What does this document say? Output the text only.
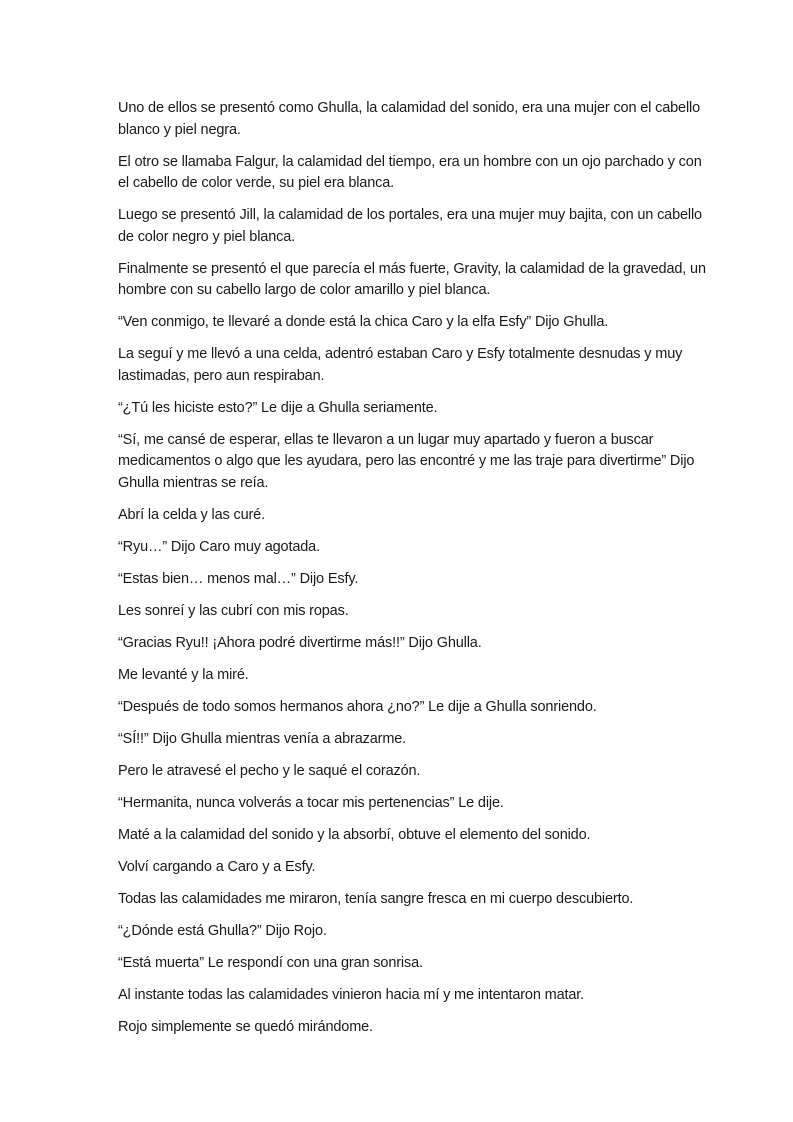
Uno de ellos se presentó como Ghulla, la calamidad del sonido, era una mujer con el cabello blanco y piel negra.

El otro se llamaba Falgur, la calamidad del tiempo, era un hombre con un ojo parchado y con el cabello de color verde, su piel era blanca.

Luego se presentó Jill, la calamidad de los portales, era una mujer muy bajita, con un cabello de color negro y piel blanca.

Finalmente se presentó el que parecía el más fuerte, Gravity, la calamidad de la gravedad, un hombre con su cabello largo de color amarillo y piel blanca.

“Ven conmigo, te llevaré a donde está la chica Caro y la elfa Esfy” Dijo Ghulla.

La seguí y me llevó a una celda, adentró estaban Caro y Esfy totalmente desnudas y muy lastimadas, pero aun respiraban.

“¿Tú les hiciste esto?” Le dije a Ghulla seriamente.

“Sí, me cansé de esperar, ellas te llevaron a un lugar muy apartado y fueron a buscar medicamentos o algo que les ayudara, pero las encontré y me las traje para divertirme” Dijo Ghulla mientras se reía.

Abrí la celda y las curé.

“Ryu…” Dijo Caro muy agotada.

“Estas bien… menos mal…” Dijo Esfy.

Les sonreí y las cubrí con mis ropas.

“Gracias Ryu!! ¡Ahora podré divertirme más!!” Dijo Ghulla.

Me levanté y la miré.

“Después de todo somos hermanos ahora ¿no?” Le dije a Ghulla sonriendo.

“SÍ!!” Dijo Ghulla mientras venía a abrazarme.

Pero le atravesé el pecho y le saqué el corazón.

“Hermanita, nunca volverás a tocar mis pertenencias” Le dije.

Maté a la calamidad del sonido y la absorbí, obtuve el elemento del sonido.

Volví cargando a Caro y a Esfy.

Todas las calamidades me miraron, tenía sangre fresca en mi cuerpo descubierto.

“¿Dónde está Ghulla?” Dijo Rojo.

“Está muerta” Le respondí con una gran sonrisa.

Al instante todas las calamidades vinieron hacia mí y me intentaron matar.

Rojo simplemente se quedó mirándome.
